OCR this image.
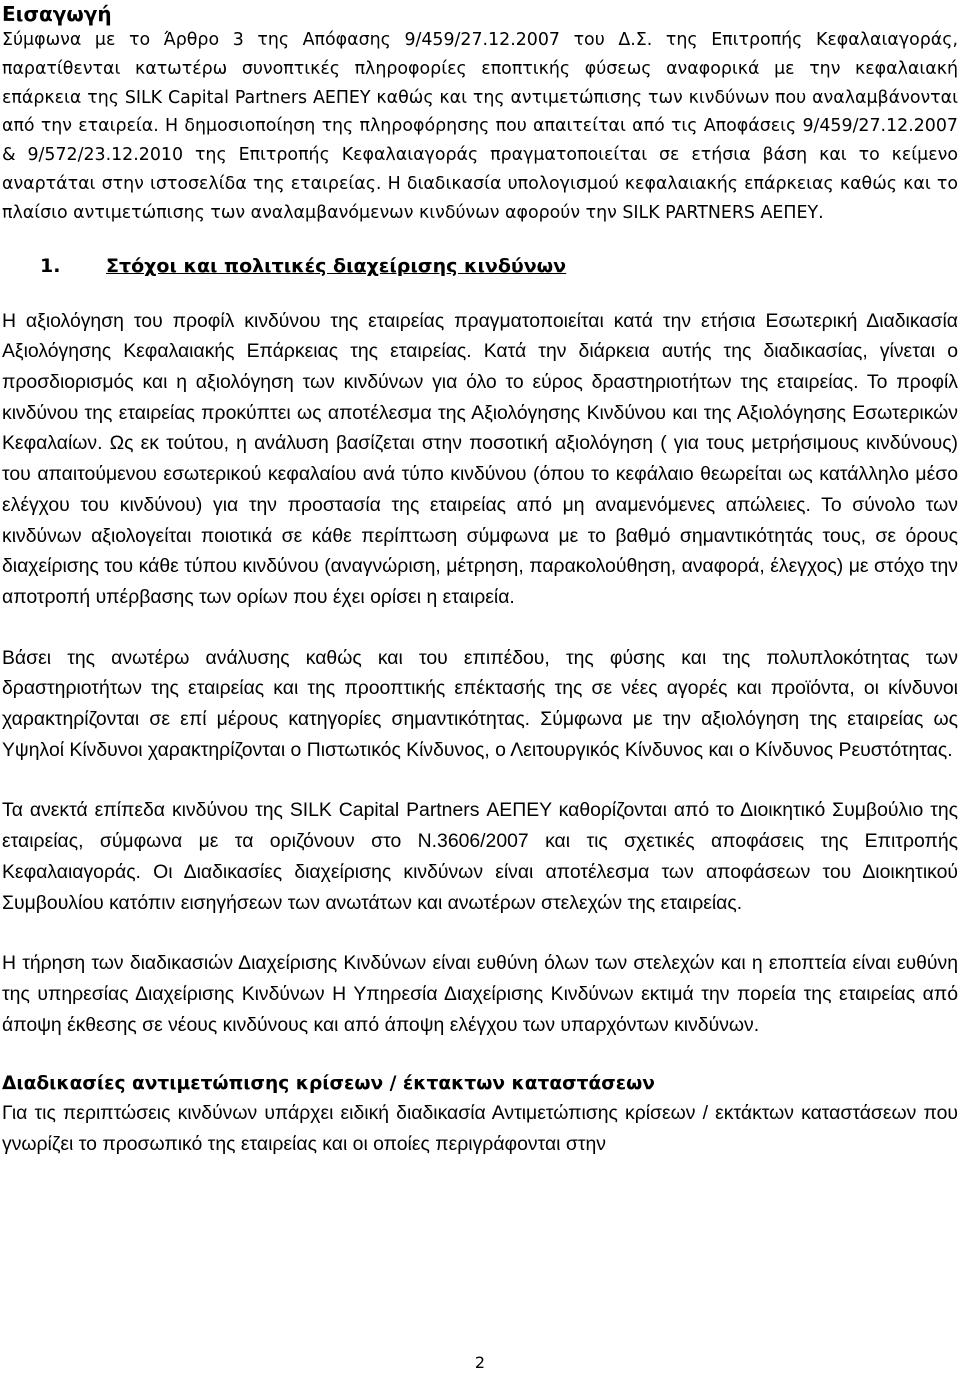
Εισαγωγή

Σύμφωνα με το Άρθρο 3 της Απόφασης 9/459/27.12.2007 του Δ.Σ. της Επιτροπής Κεφαλαιαγοράς, παρατίθενται κατωτέρω συνοπτικές πληροφορίες εποπτικής φύσεως αναφορικά με την κεφαλαιακή επάρκεια της SILK Capital Partners ΑΕΠΕΥ καθώς και της αντιμετώπισης των κινδύνων που αναλαμβάνονται από την εταιρεία. Η δημοσιοποίηση της πληροφόρησης που απαιτείται από τις Αποφάσεις 9/459/27.12.2007 & 9/572/23.12.2010 της Επιτροπής Κεφαλαιαγοράς πραγματοποιείται σε ετήσια βάση και το κείμενο αναρτάται στην ιστοσελίδα της εταιρείας. Η διαδικασία υπολογισμού κεφαλαιακής επάρκειας καθώς και το πλαίσιο αντιμετώπισης των αναλαμβανόμενων κινδύνων αφορούν την SILK PARTNERS ΑΕΠΕΥ.

1. Στόχοι και πολιτικές διαχείρισης κινδύνων

Η αξιολόγηση του προφίλ κινδύνου της εταιρείας πραγματοποιείται κατά την ετήσια Εσωτερική Διαδικασία Αξιολόγησης Κεφαλαιακής Επάρκειας της εταιρείας. Κατά την διάρκεια αυτής της διαδικασίας, γίνεται ο προσδιορισμός και η αξιολόγηση των κινδύνων για όλο το εύρος δραστηριοτήτων της εταιρείας. Το προφίλ κινδύνου της εταιρείας προκύπτει ως αποτέλεσμα της Αξιολόγησης Κινδύνου και της Αξιολόγησης Εσωτερικών Κεφαλαίων. Ως εκ τούτου, η ανάλυση βασίζεται στην ποσοτική αξιολόγηση ( για τους μετρήσιμους κινδύνους) του απαιτούμενου εσωτερικού κεφαλαίου ανά τύπο κινδύνου (όπου το κεφάλαιο θεωρείται ως κατάλληλο μέσο ελέγχου του κινδύνου) για την προστασία της εταιρείας από μη αναμενόμενες απώλειες. Το σύνολο των κινδύνων αξιολογείται ποιοτικά σε κάθε περίπτωση σύμφωνα με το βαθμό σημαντικότητάς τους, σε όρους διαχείρισης του κάθε τύπου κινδύνου (αναγνώριση, μέτρηση, παρακολούθηση, αναφορά, έλεγχος) με στόχο την αποτροπή υπέρβασης των ορίων που έχει ορίσει η εταιρεία.

Βάσει της ανωτέρω ανάλυσης καθώς και του επιπέδου, της φύσης και της πολυπλοκότητας των δραστηριοτήτων της εταιρείας και της προοπτικής επέκτασής της σε νέες αγορές και προϊόντα, οι κίνδυνοι χαρακτηρίζονται σε επί μέρους κατηγορίες σημαντικότητας. Σύμφωνα με την αξιολόγηση της εταιρείας ως Υψηλοί Κίνδυνοι χαρακτηρίζονται ο Πιστωτικός Κίνδυνος, ο Λειτουργικός Κίνδυνος και ο Κίνδυνος Ρευστότητας.

Τα ανεκτά επίπεδα κινδύνου της SILK Capital Partners ΑΕΠΕΥ καθορίζονται από το Διοικητικό Συμβούλιο της εταιρείας, σύμφωνα με τα οριζόνουν στο Ν.3606/2007 και τις σχετικές αποφάσεις της Επιτροπής Κεφαλαιαγοράς. Οι Διαδικασίες διαχείρισης κινδύνων είναι αποτέλεσμα των αποφάσεων του Διοικητικού Συμβουλίου κατόπιν εισηγήσεων των ανωτάτων και ανωτέρων στελεχών της εταιρείας.

Η τήρηση των διαδικασιών Διαχείρισης Κινδύνων είναι ευθύνη όλων των στελεχών και η εποπτεία είναι ευθύνη της υπηρεσίας Διαχείρισης Κινδύνων Η Υπηρεσία Διαχείρισης Κινδύνων εκτιμά την πορεία της εταιρείας από άποψη έκθεσης σε νέους κινδύνους και από άποψη ελέγχου των υπαρχόντων κινδύνων.

Διαδικασίες αντιμετώπισης κρίσεων / έκτακτων καταστάσεων

Για τις περιπτώσεις κινδύνων υπάρχει ειδική διαδικασία Αντιμετώπισης κρίσεων / εκτάκτων καταστάσεων που γνωρίζει το προσωπικό της εταιρείας και οι οποίες περιγράφονται στην

2
